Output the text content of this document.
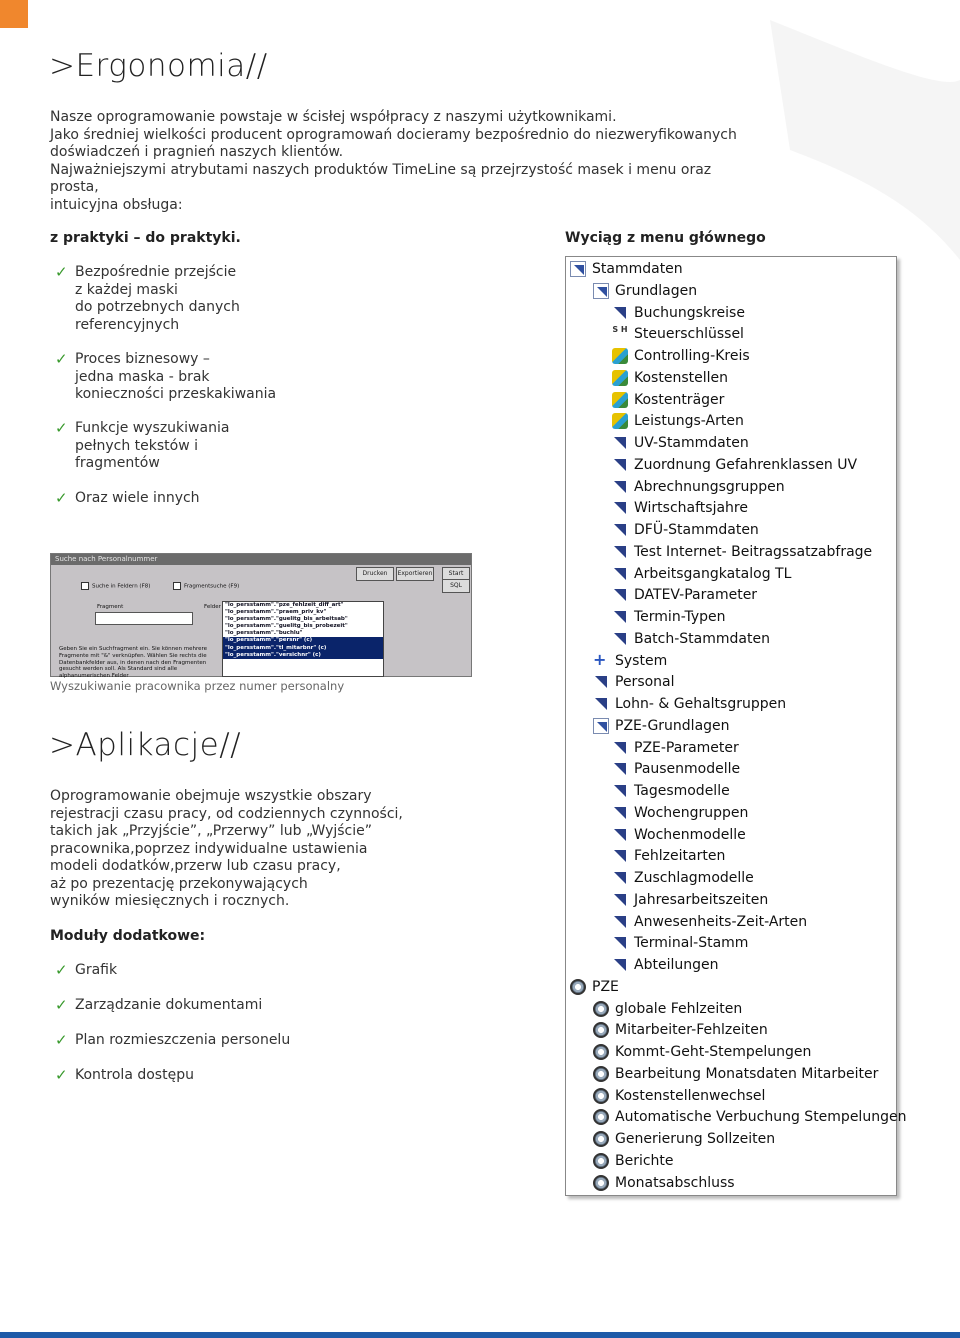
>Ergonomia//

Nasze oprogramowanie powstaje w ścisłej współpracy z naszymi użytkownikami.

Jako średniej wielkości producent oprogramowań docieramy bezpośrednio do niezweryfikowanych

doświadczeń i pragnień naszych klientów.

Najważniejszymi atrybutami naszych produktów TimeLine są przejrzystość masek i menu oraz prosta,

intuicyjna obsługa:

z praktyki – do praktyki.
✓ Bezpośrednie przejście
z każdej maski
do potrzebnych danych
referencyjnych
✓ Proces biznesowy –
jedna maska - brak
konieczności przeskakiwania
✓ Funkcje wyszukiwania
pełnych tekstów i
fragmentów
✓ Oraz wiele innych
Suche nach Personalnummer
Drucken	Exportieren	Start
SQL
Suche in Feldern (F8)	Fragmentsuche (F9)
Fragment	Felder
Geben Sie ein Suchfragment ein. Sie können mehrere Fragmente mit "&" verknüpfen. Wählen Sie rechts die Datenbankfelder aus, in denen nach den Fragmenten gesucht werden soll. Als Standard sind alle alphanumerischen Felder
"lo_persstamm"."pze_fehlzeit_diff_art"
"lo_persstamm"."praem_priv_kv"
"lo_persstamm"."guelitg_bis_arbeitsab"
"lo_persstamm"."guelitg_bis_probezeit"
"lo_persstamm"."buchlu"
"lo_persstamm"."persnr" (c)
"lo_persstamm"."tl_mitarbnr" (c)
"lo_persstamm"."versichnr" (c)
Wyszukiwanie pracownika przez numer personalny
>Aplikacje//

Oprogramowanie obejmuje wszystkie obszary

rejestracji czasu pracy, od codziennych czynności,

takich jak „Przyjście”, „Przerwy” lub „Wyjście”

pracownika,poprzez indywidualne ustawienia

modeli dodatków,przerw lub czasu pracy,

aż po prezentację przekonywających

wyników miesięcznych i rocznych.

Moduły dodatkowe:
✓ Grafik
✓ Zarządzanie dokumentami
✓ Plan rozmieszczenia personelu
✓ Kontrola dostępu
Wyciąg z menu głównego
Stammdaten
Grundlagen
Buchungskreise
S H Steuerschlüssel
Controlling-Kreis
Kostenstellen
Kostenträger
Leistungs-Arten
UV-Stammdaten
Zuordnung Gefahrenklassen UV
Abrechnungsgruppen
Wirtschaftsjahre
DFÜ-Stammdaten
Test Internet- Beitragssatzabfrage
Arbeitsgangkatalog TL
DATEV-Parameter
Termin-Typen
Batch-Stammdaten
+ System
Personal
Lohn- & Gehaltsgruppen
PZE-Grundlagen
PZE-Parameter
Pausenmodelle
Tagesmodelle
Wochengruppen
Wochenmodelle
Fehlzeitarten
Zuschlagmodelle
Jahresarbeitszeiten
Anwesenheits-Zeit-Arten
Terminal-Stamm
Abteilungen
PZE
globale Fehlzeiten
Mitarbeiter-Fehlzeiten
Kommt-Geht-Stempelungen
Bearbeitung Monatsdaten Mitarbeiter
Kostenstellenwechsel
Automatische Verbuchung Stempelungen
Generierung Sollzeiten
Berichte
Monatsabschluss
